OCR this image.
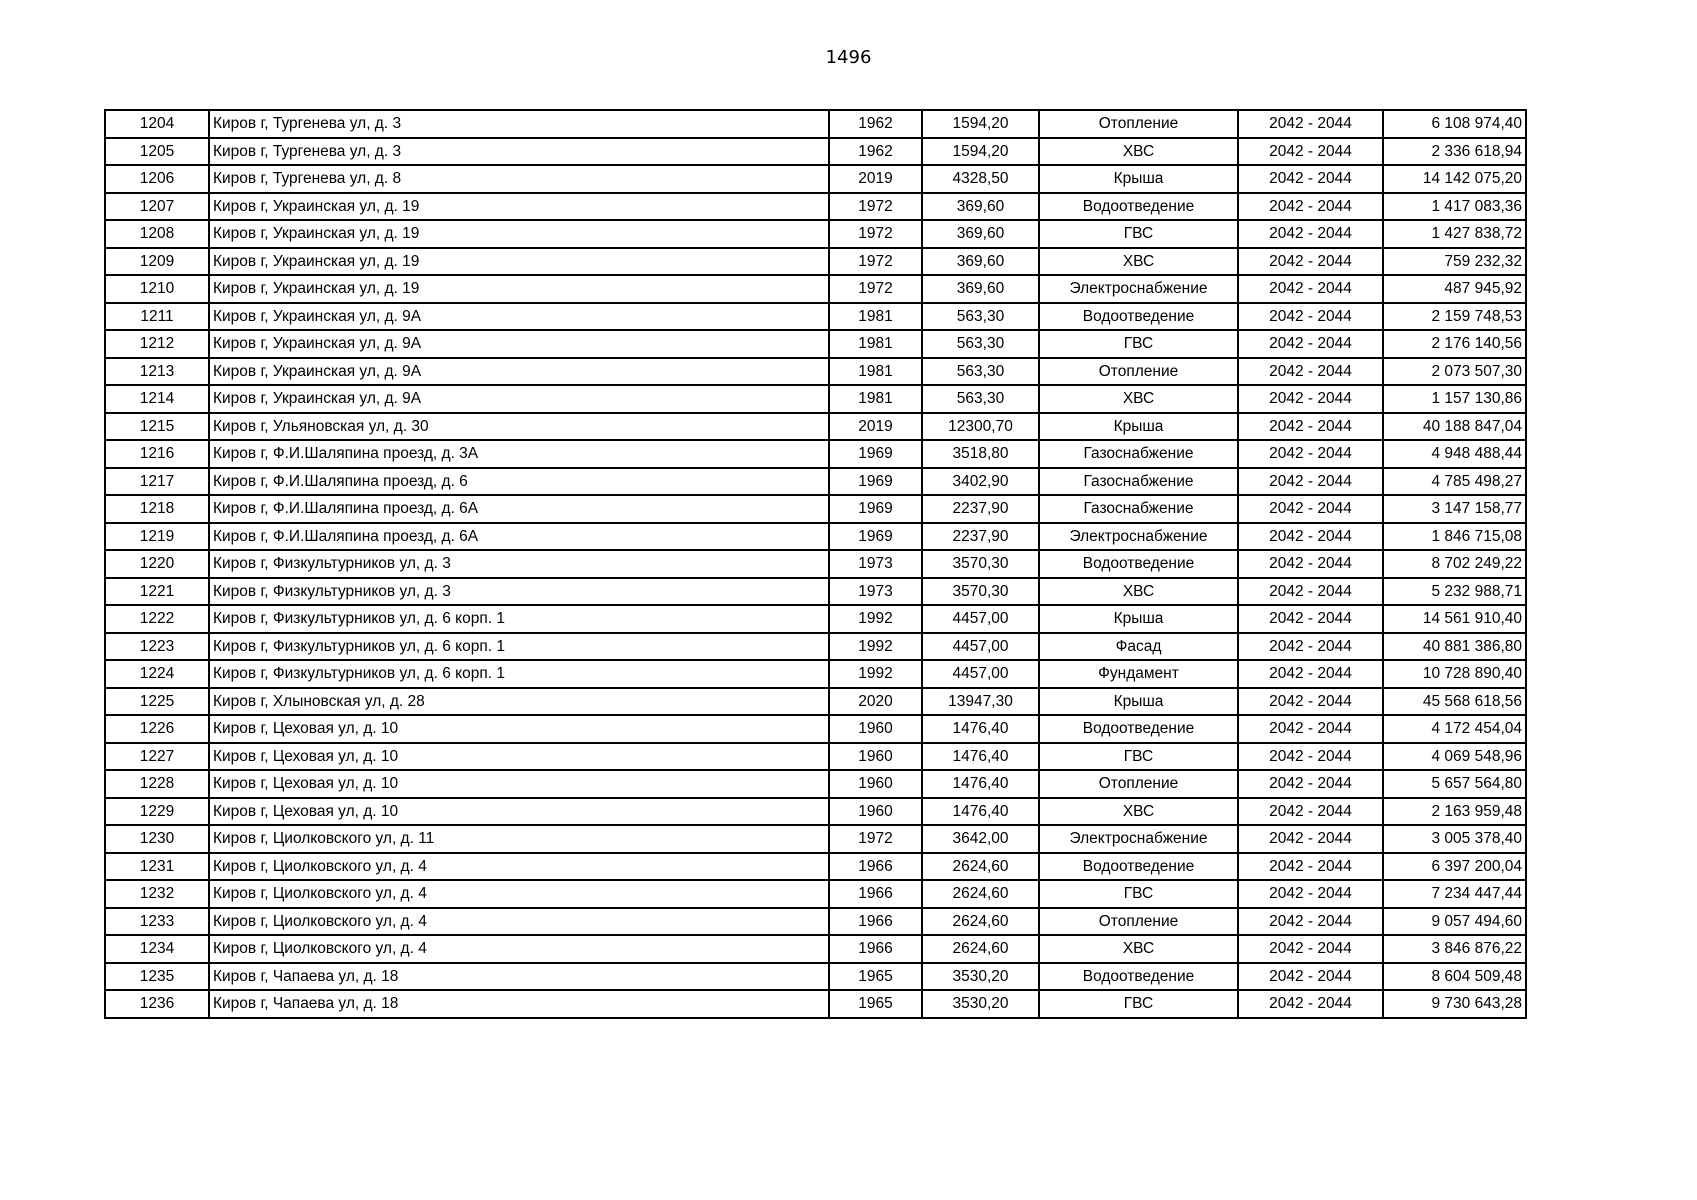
1496
1204	Киров г, Тургенева ул, д. 3	1962	1594,20	Отопление	2042 - 2044	6 108 974,40
1205	Киров г, Тургенева ул, д. 3	1962	1594,20	ХВС	2042 - 2044	2 336 618,94
1206	Киров г, Тургенева ул, д. 8	2019	4328,50	Крыша	2042 - 2044	14 142 075,20
1207	Киров г, Украинская ул, д. 19	1972	369,60	Водоотведение	2042 - 2044	1 417 083,36
1208	Киров г, Украинская ул, д. 19	1972	369,60	ГВС	2042 - 2044	1 427 838,72
1209	Киров г, Украинская ул, д. 19	1972	369,60	ХВС	2042 - 2044	759 232,32
1210	Киров г, Украинская ул, д. 19	1972	369,60	Электроснабжение	2042 - 2044	487 945,92
1211	Киров г, Украинская ул, д. 9А	1981	563,30	Водоотведение	2042 - 2044	2 159 748,53
1212	Киров г, Украинская ул, д. 9А	1981	563,30	ГВС	2042 - 2044	2 176 140,56
1213	Киров г, Украинская ул, д. 9А	1981	563,30	Отопление	2042 - 2044	2 073 507,30
1214	Киров г, Украинская ул, д. 9А	1981	563,30	ХВС	2042 - 2044	1 157 130,86
1215	Киров г, Ульяновская ул, д. 30	2019	12300,70	Крыша	2042 - 2044	40 188 847,04
1216	Киров г, Ф.И.Шаляпина проезд, д. 3А	1969	3518,80	Газоснабжение	2042 - 2044	4 948 488,44
1217	Киров г, Ф.И.Шаляпина проезд, д. 6	1969	3402,90	Газоснабжение	2042 - 2044	4 785 498,27
1218	Киров г, Ф.И.Шаляпина проезд, д. 6А	1969	2237,90	Газоснабжение	2042 - 2044	3 147 158,77
1219	Киров г, Ф.И.Шаляпина проезд, д. 6А	1969	2237,90	Электроснабжение	2042 - 2044	1 846 715,08
1220	Киров г, Физкультурников ул, д. 3	1973	3570,30	Водоотведение	2042 - 2044	8 702 249,22
1221	Киров г, Физкультурников ул, д. 3	1973	3570,30	ХВС	2042 - 2044	5 232 988,71
1222	Киров г, Физкультурников ул, д. 6 корп. 1	1992	4457,00	Крыша	2042 - 2044	14 561 910,40
1223	Киров г, Физкультурников ул, д. 6 корп. 1	1992	4457,00	Фасад	2042 - 2044	40 881 386,80
1224	Киров г, Физкультурников ул, д. 6 корп. 1	1992	4457,00	Фундамент	2042 - 2044	10 728 890,40
1225	Киров г, Хлыновская ул, д. 28	2020	13947,30	Крыша	2042 - 2044	45 568 618,56
1226	Киров г, Цеховая ул, д. 10	1960	1476,40	Водоотведение	2042 - 2044	4 172 454,04
1227	Киров г, Цеховая ул, д. 10	1960	1476,40	ГВС	2042 - 2044	4 069 548,96
1228	Киров г, Цеховая ул, д. 10	1960	1476,40	Отопление	2042 - 2044	5 657 564,80
1229	Киров г, Цеховая ул, д. 10	1960	1476,40	ХВС	2042 - 2044	2 163 959,48
1230	Киров г, Циолковского ул, д. 11	1972	3642,00	Электроснабжение	2042 - 2044	3 005 378,40
1231	Киров г, Циолковского ул, д. 4	1966	2624,60	Водоотведение	2042 - 2044	6 397 200,04
1232	Киров г, Циолковского ул, д. 4	1966	2624,60	ГВС	2042 - 2044	7 234 447,44
1233	Киров г, Циолковского ул, д. 4	1966	2624,60	Отопление	2042 - 2044	9 057 494,60
1234	Киров г, Циолковского ул, д. 4	1966	2624,60	ХВС	2042 - 2044	3 846 876,22
1235	Киров г, Чапаева ул, д. 18	1965	3530,20	Водоотведение	2042 - 2044	8 604 509,48
1236	Киров г, Чапаева ул, д. 18	1965	3530,20	ГВС	2042 - 2044	9 730 643,28
